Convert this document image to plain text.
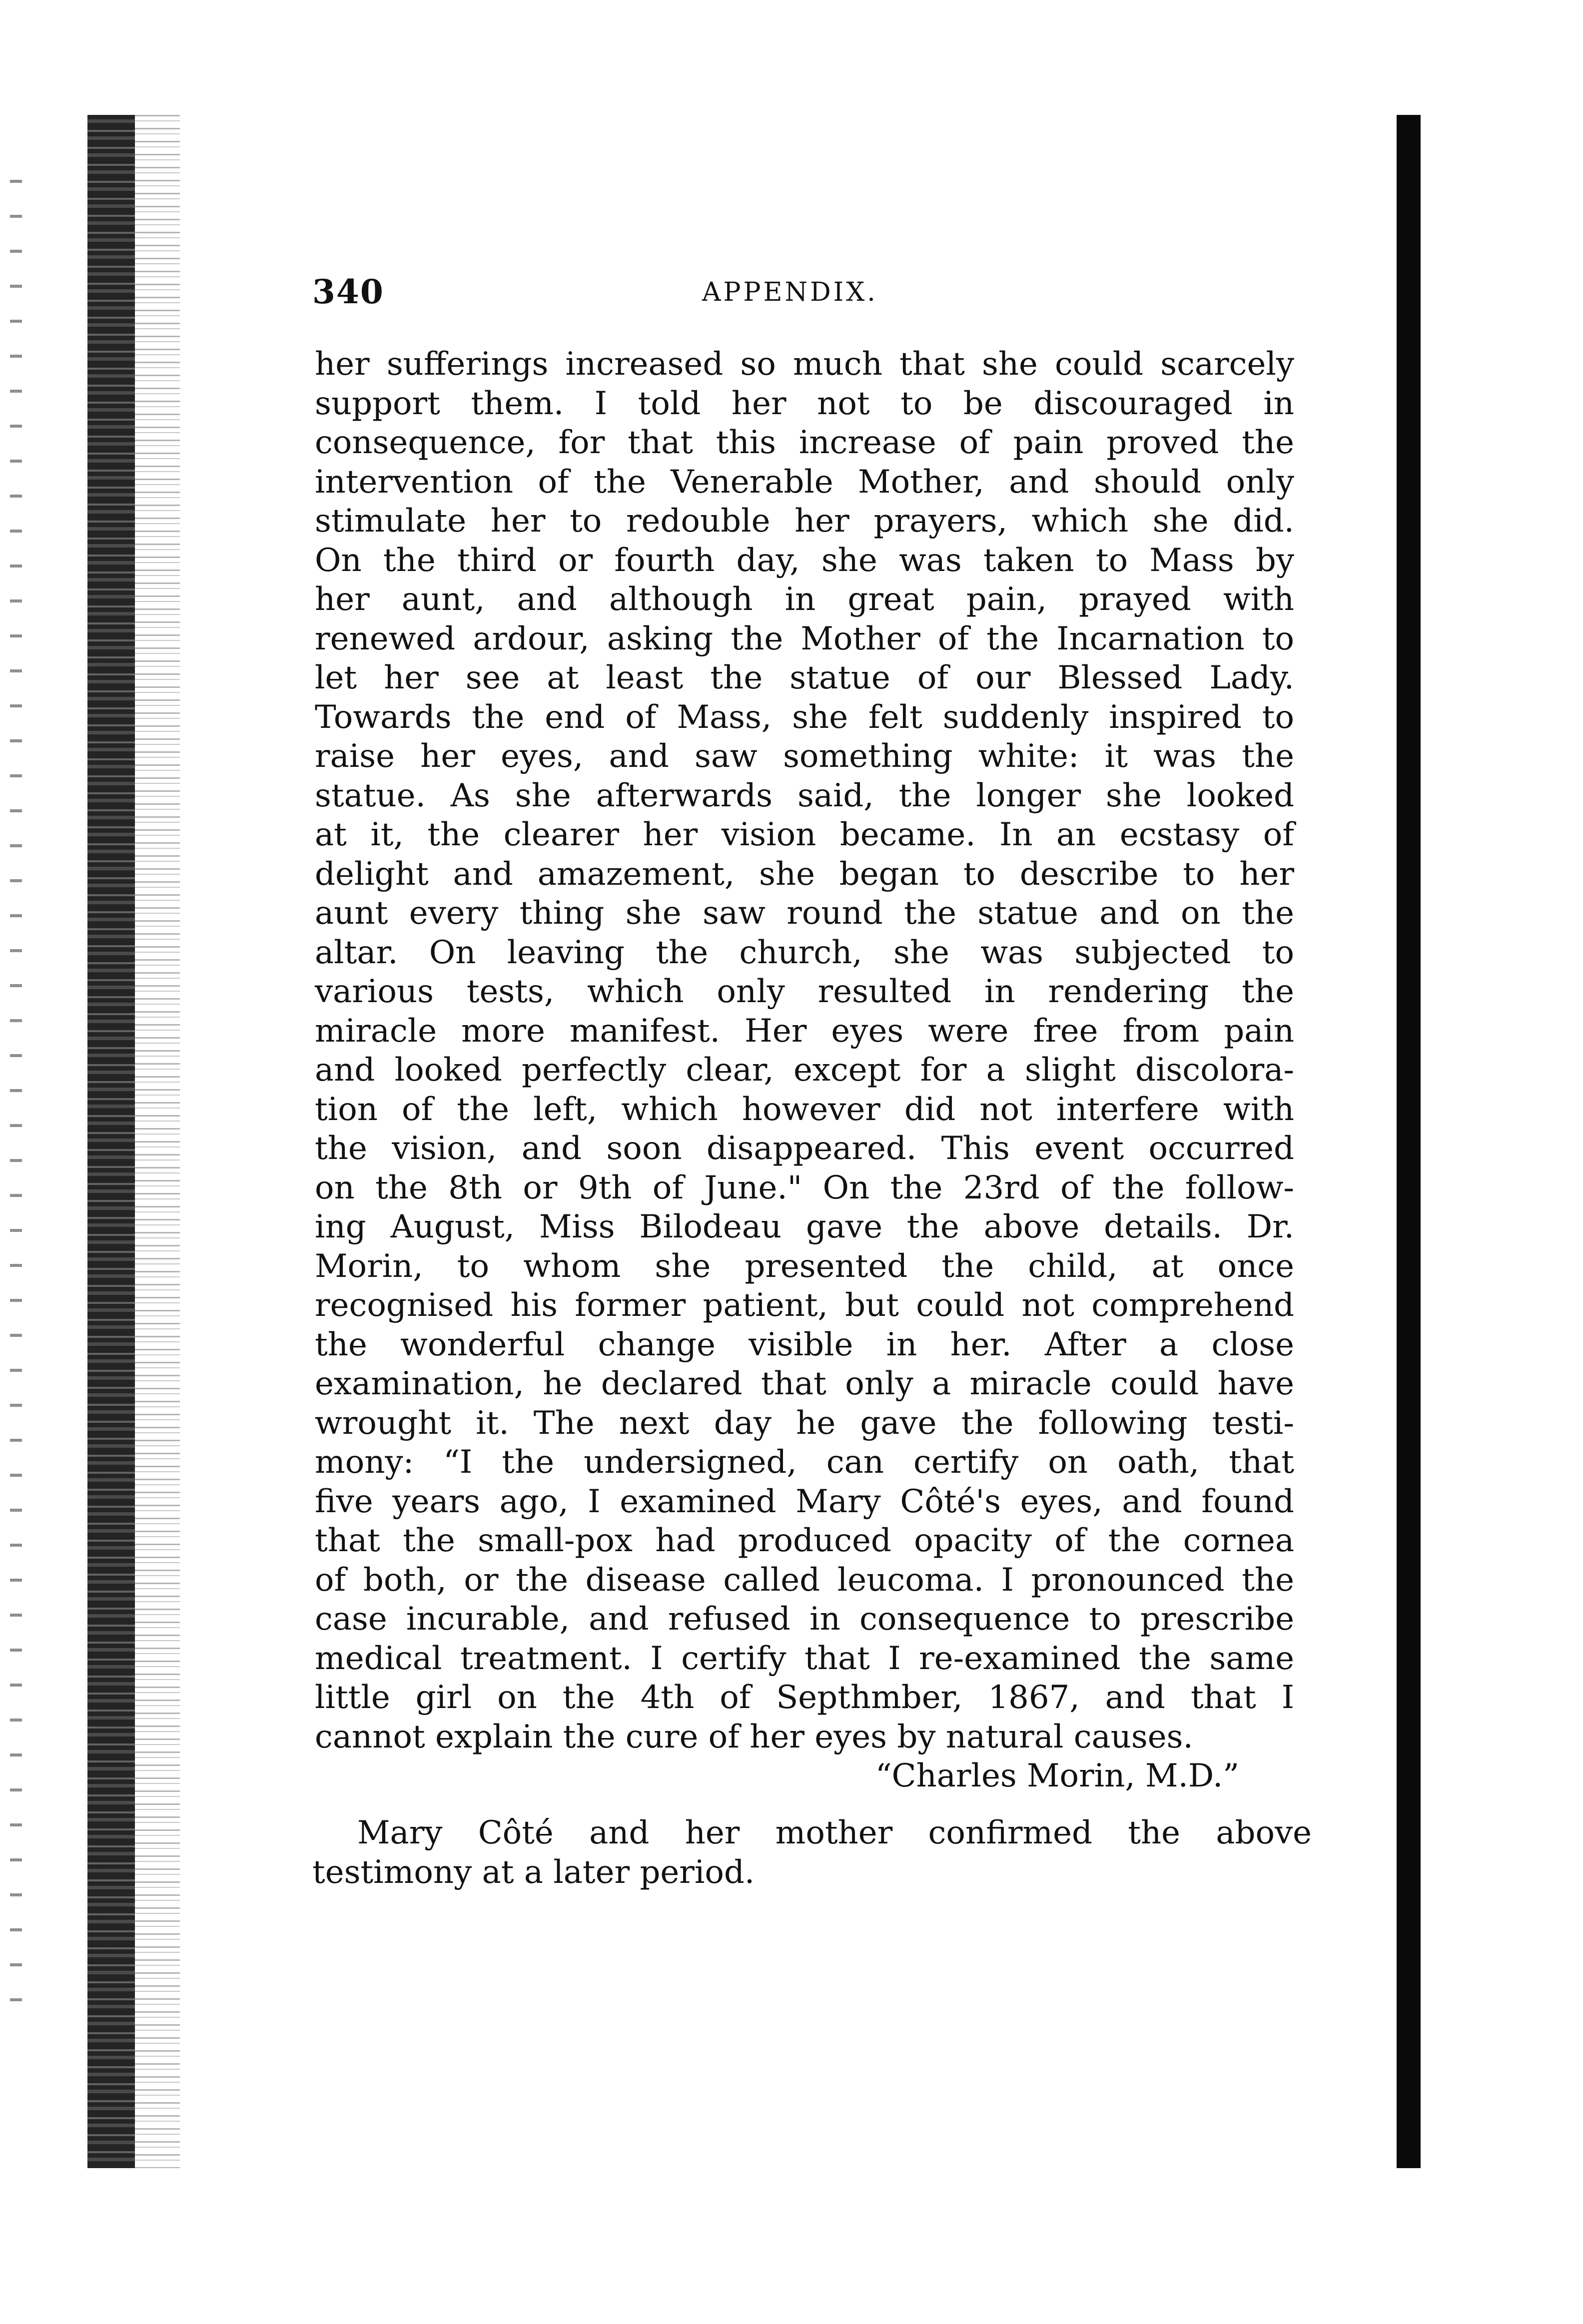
340	APPENDIX.
her sufferings increased so much that she could scarcely
support them. I told her not to be discouraged in
consequence, for that this increase of pain proved the
intervention of the Venerable Mother, and should only
stimulate her to redouble her prayers, which she did.
On the third or fourth day, she was taken to Mass by
her aunt, and although in great pain, prayed with
renewed ardour, asking the Mother of the Incarnation to
let her see at least the statue of our Blessed Lady.
Towards the end of Mass, she felt suddenly inspired to
raise her eyes, and saw something white: it was the
statue. As she afterwards said, the longer she looked
at it, the clearer her vision became. In an ecstasy of
delight and amazement, she began to describe to her
aunt every thing she saw round the statue and on the
altar. On leaving the church, she was subjected to
various tests, which only resulted in rendering the
miracle more manifest. Her eyes were free from pain
and looked perfectly clear, except for a slight discolora-
tion of the left, which however did not interfere with
the vision, and soon disappeared. This event occurred
on the 8th or 9th of June." On the 23rd of the follow-
ing August, Miss Bilodeau gave the above details. Dr.
Morin, to whom she presented the child, at once
recognised his former patient, but could not comprehend
the wonderful change visible in her. After a close
examination, he declared that only a miracle could have
wrought it. The next day he gave the following testi-
mony: “I the undersigned, can certify on oath, that
five years ago, I examined Mary Côté's eyes, and found
that the small-pox had produced opacity of the cornea
of both, or the disease called leucoma. I pronounced the
case incurable, and refused in consequence to prescribe
medical treatment. I certify that I re-examined the same
little girl on the 4th of Septhmber, 1867, and that I
cannot explain the cure of her eyes by natural causes.
“Charles Morin, M.D.”
Mary Côté and her mother confirmed the above
testimony at a later period.
